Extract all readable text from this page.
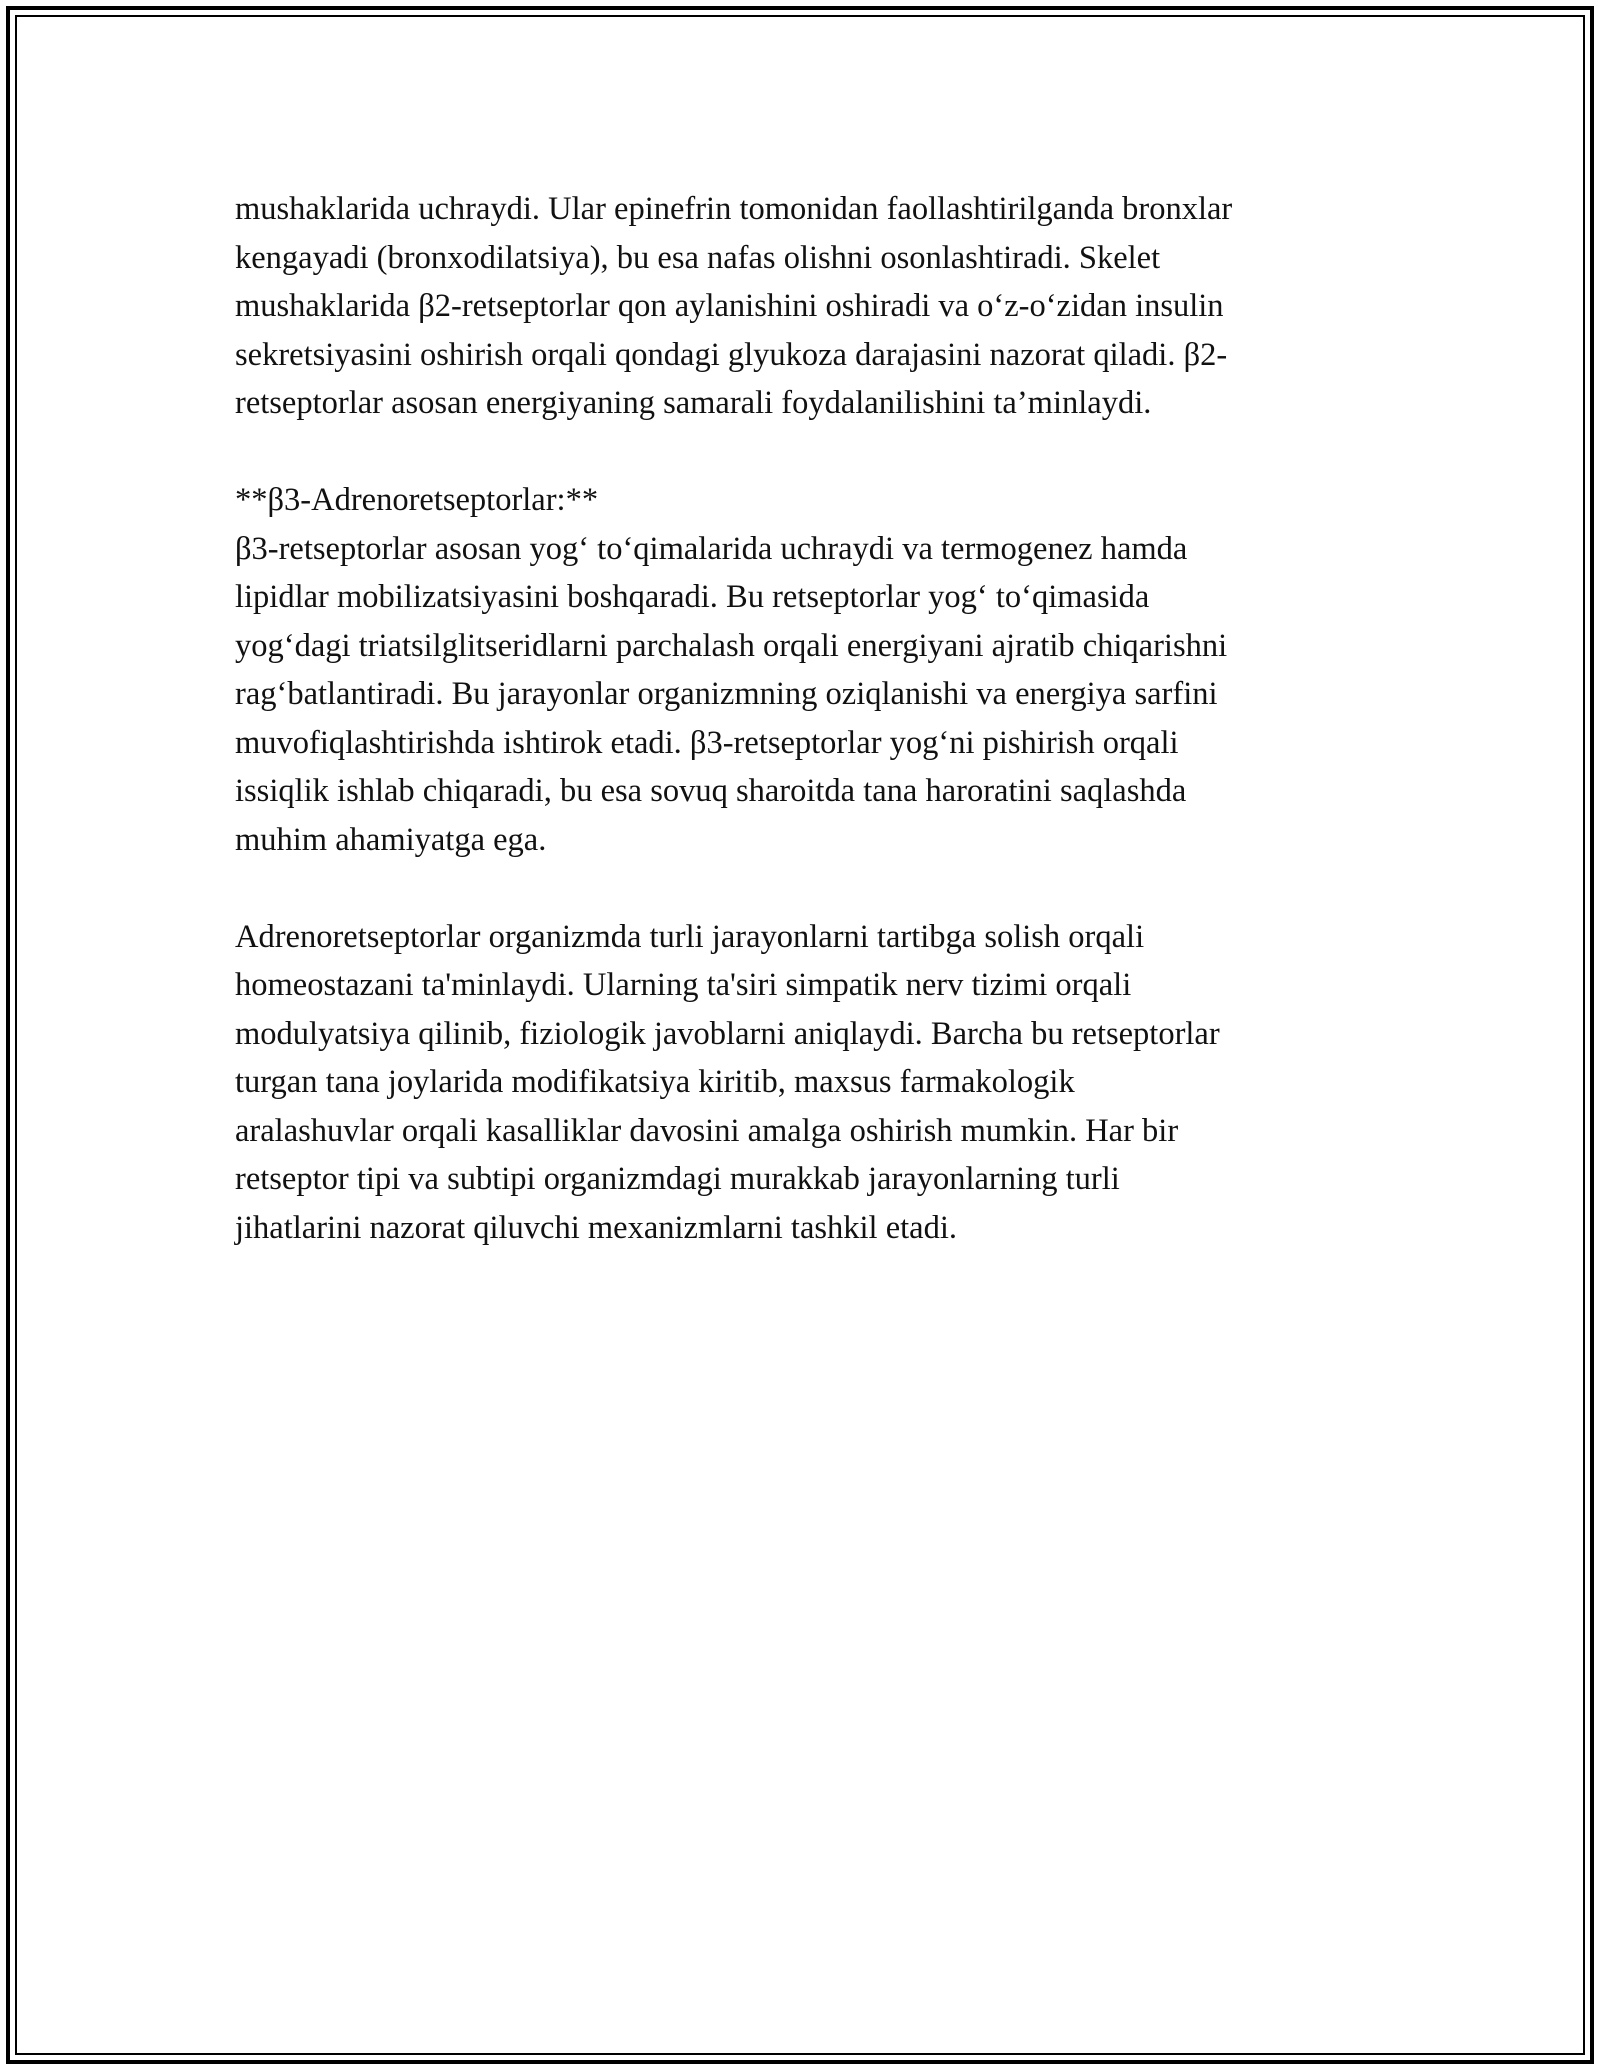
mushaklarida uchraydi. Ular epinefrin tomonidan faollashtirilganda bronxlar
kengayadi (bronxodilatsiya), bu esa nafas olishni osonlashtiradi. Skelet
mushaklarida β2-retseptorlar qon aylanishini oshiradi va o‘z-o‘zidan insulin
sekretsiyasini oshirish orqali qondagi glyukoza darajasini nazorat qiladi. β2-
retseptorlar asosan energiyaning samarali foydalanilishini ta’minlaydi.

**β3-Adrenoretseptorlar:**

β3-retseptorlar asosan yog‘ to‘qimalarida uchraydi va termogenez hamda
lipidlar mobilizatsiyasini boshqaradi. Bu retseptorlar yog‘ to‘qimasida
yog‘dagi triatsilglitseridlarni parchalash orqali energiyani ajratib chiqarishni
rag‘batlantiradi. Bu jarayonlar organizmning oziqlanishi va energiya sarfini
muvofiqlashtirishda ishtirok etadi. β3-retseptorlar yog‘ni pishirish orqali
issiqlik ishlab chiqaradi, bu esa sovuq sharoitda tana haroratini saqlashda
muhim ahamiyatga ega.

Adrenoretseptorlar organizmda turli jarayonlarni tartibga solish orqali
homeostazani ta'minlaydi. Ularning ta'siri simpatik nerv tizimi orqali
modulyatsiya qilinib, fiziologik javoblarni aniqlaydi. Barcha bu retseptorlar
turgan tana joylarida modifikatsiya kiritib, maxsus farmakologik
aralashuvlar orqali kasalliklar davosini amalga oshirish mumkin. Har bir
retseptor tipi va subtipi organizmdagi murakkab jarayonlarning turli
jihatlarini nazorat qiluvchi mexanizmlarni tashkil etadi.
